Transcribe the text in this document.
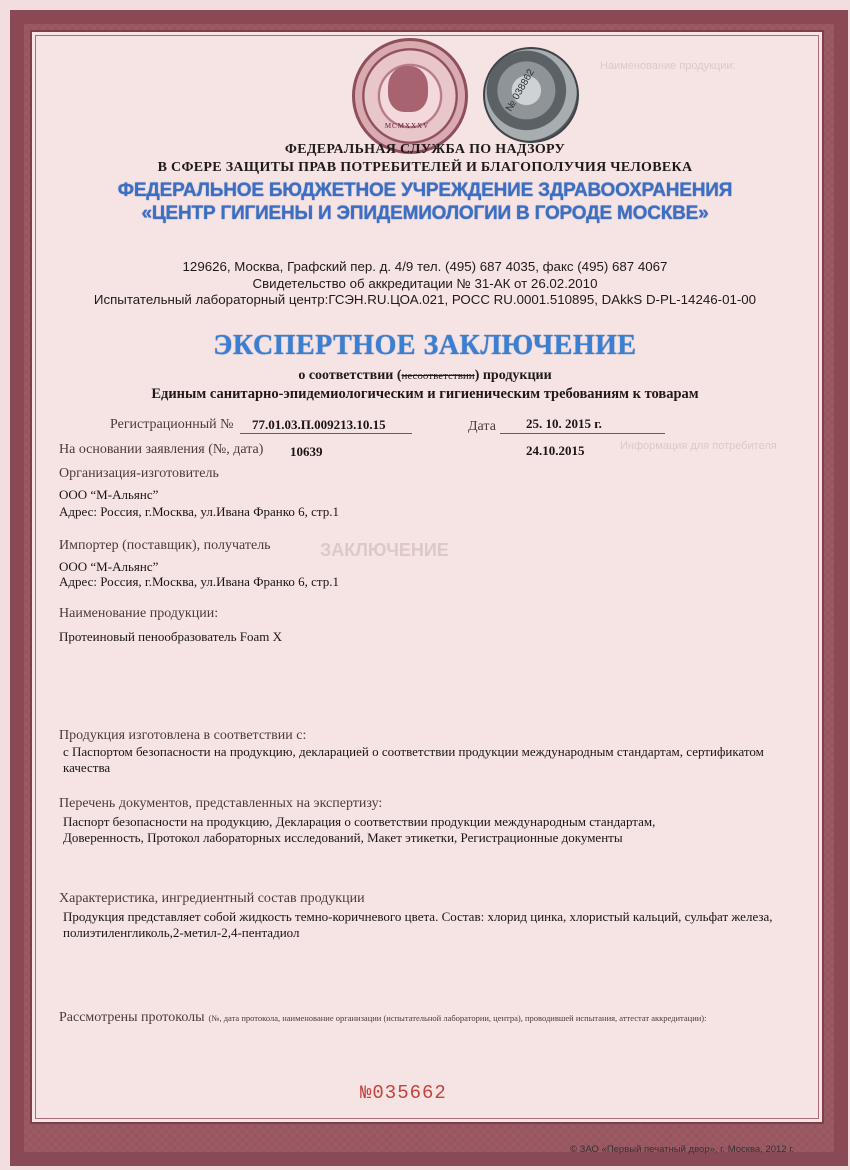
Наименование продукции:
Информация для потребителя
ЗАКЛЮЧЕНИЕ
MCMXXXV
№ 038862
ФЕДЕРАЛЬНАЯ СЛУЖБА ПО НАДЗОРУ
В СФЕРЕ ЗАЩИТЫ ПРАВ ПОТРЕБИТЕЛЕЙ И БЛАГОПОЛУЧИЯ ЧЕЛОВЕКА
ФЕДЕРАЛЬНОЕ БЮДЖЕТНОЕ УЧРЕЖДЕНИЕ ЗДРАВООХРАНЕНИЯ
«ЦЕНТР ГИГИЕНЫ И ЭПИДЕМИОЛОГИИ В ГОРОДЕ МОСКВЕ»
129626, Москва, Графский пер. д. 4/9 тел. (495) 687 4035, факс (495) 687 4067
Свидетельство об аккредитации № 31-АК от 26.02.2010
Испытательный лабораторный центр:ГСЭН.RU.ЦОА.021, РОСС RU.0001.510895, DAkkS D-PL-14246-01-00
ЭКСПЕРТНОЕ ЗАКЛЮЧЕНИЕ
о соответствии (несоответствии) продукции
Единым санитарно-эпидемиологическим и гигиеническим требованиям к товарам
Регистрационный № 77.01.03.П.009213.10.15	Дата 25. 10. 2015 г.
На основании заявления (№, дата) 10639	24.10.2015
Организация-изготовитель
ООО “М-Альянс”
Адрес: Россия, г.Москва, ул.Ивана Франко 6, стр.1
Импортер (поставщик), получатель
ООО “М-Альянс”
Адрес: Россия, г.Москва, ул.Ивана Франко 6, стр.1
Наименование продукции:
Протеиновый пенообразователь Foam X
Продукция изготовлена в соответствии с:
с Паспортом безопасности на продукцию, декларацией о соответствии продукции международным стандартам, сертификатом
качества
Перечень документов, представленных на экспертизу:
Паспорт безопасности на продукцию, Декларация о соответствии продукции международным стандартам,
Доверенность, Протокол лабораторных исследований, Макет этикетки, Регистрационные документы
Характеристика, ингредиентный состав продукции
Продукция представляет собой жидкость темно-коричневого цвета. Состав: хлорид цинка, хлористый кальций, сульфат железа,
полиэтиленгликоль,2-метил-2,4-пентадиол
Рассмотрены протоколы (№, дата протокола, наименование организации (испытательной лаборатории, центра), проводившей испытания, аттестат аккредитации):
№035662
© ЗАО «Первый печатный двор», г. Москва, 2012 г.
